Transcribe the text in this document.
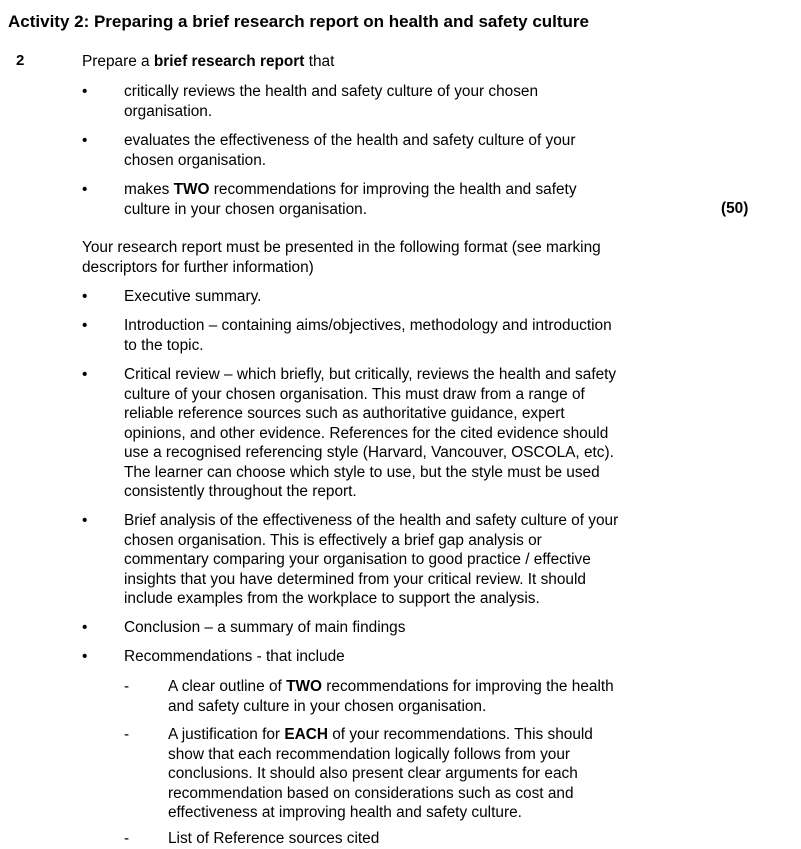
Activity 2: Preparing a brief research report on health and safety culture
2	Prepare a brief research report that
• critically reviews the health and safety culture of your chosen
organisation.
• evaluates the effectiveness of the health and safety culture of your
chosen organisation.
• makes TWO recommendations for improving the health and safety
culture in your chosen organisation.	(50)
Your research report must be presented in the following format (see marking
descriptors for further information)
• Executive summary.
• Introduction – containing aims/objectives, methodology and introduction
to the topic.
• Critical review – which briefly, but critically, reviews the health and safety
culture of your chosen organisation. This must draw from a range of
reliable reference sources such as authoritative guidance, expert
opinions, and other evidence. References for the cited evidence should
use a recognised referencing style (Harvard, Vancouver, OSCOLA, etc).
The learner can choose which style to use, but the style must be used
consistently throughout the report.
• Brief analysis of the effectiveness of the health and safety culture of your
chosen organisation. This is effectively a brief gap analysis or
commentary comparing your organisation to good practice / effective
insights that you have determined from your critical review. It should
include examples from the workplace to support the analysis.
• Conclusion – a summary of main findings
• Recommendations - that include
-	A clear outline of TWO recommendations for improving the health
and safety culture in your chosen organisation.
-	A justification for EACH of your recommendations. This should
show that each recommendation logically follows from your
conclusions. It should also present clear arguments for each
recommendation based on considerations such as cost and
effectiveness at improving health and safety culture.
-	List of Reference sources cited
